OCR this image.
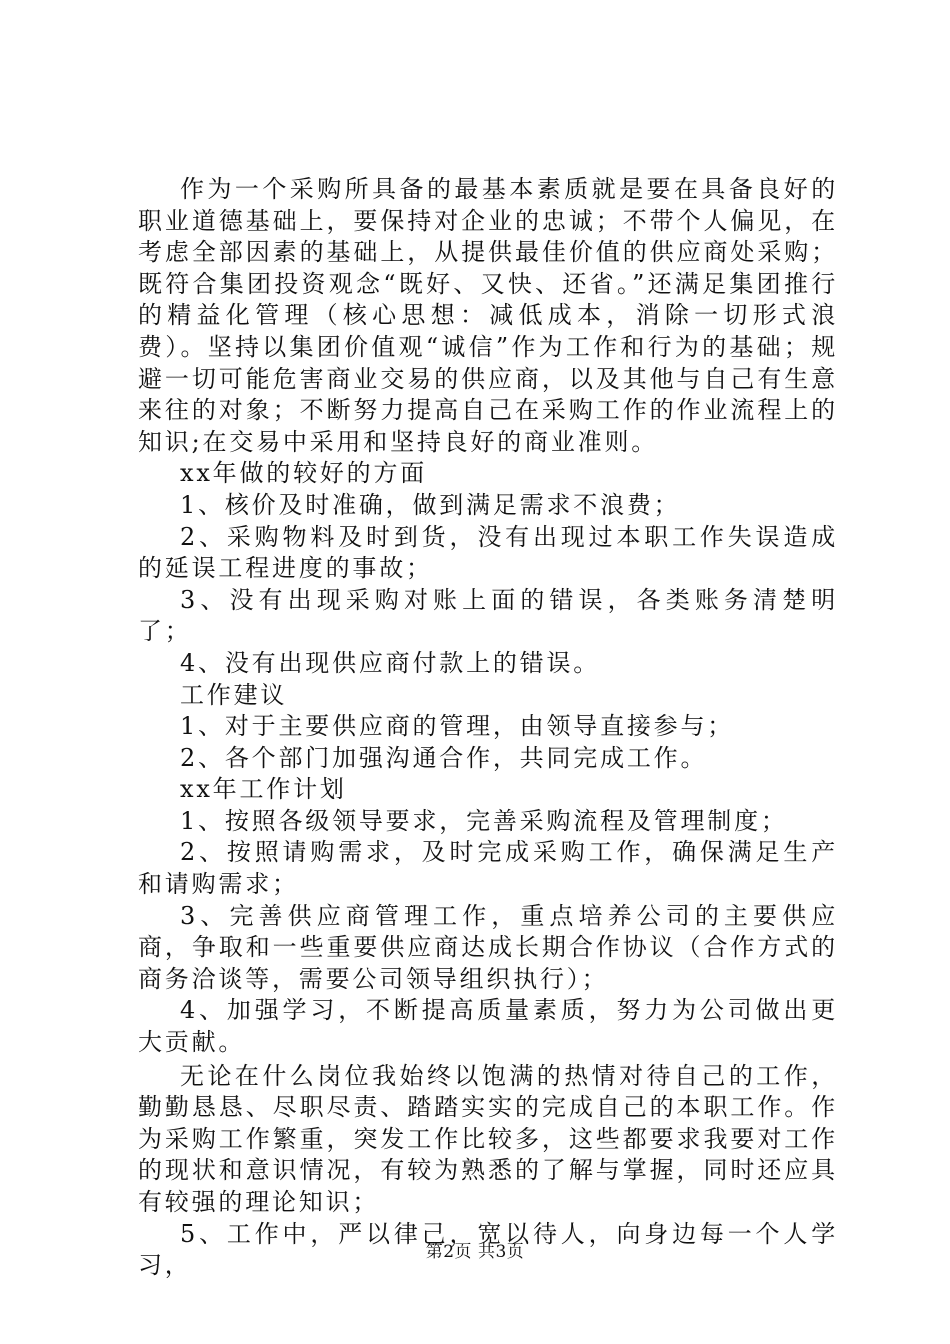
作为一个采购所具备的最基本素质就是要在具备良好的职业道德基础上，要保持对企业的忠诚；不带个人偏见，在考虑全部因素的基础上，从提供最佳价值的供应商处采购；既符合集团投资观念“既好、又快、还省。”还满足集团推行的精益化管理（核心思想：减低成本，消除一切形式浪费）。坚持以集团价值观“诚信”作为工作和行为的基础；规避一切可能危害商业交易的供应商，以及其他与自己有生意来往的对象；不断努力提高自己在采购工作的作业流程上的知识;在交易中采用和坚持良好的商业准则。

xx年做的较好的方面

1、核价及时准确，做到满足需求不浪费；

2、采购物料及时到货，没有出现过本职工作失误造成的延误工程进度的事故；

3、没有出现采购对账上面的错误，各类账务清楚明了；

4、没有出现供应商付款上的错误。

工作建议

1、对于主要供应商的管理，由领导直接参与；

2、各个部门加强沟通合作，共同完成工作。

xx年工作计划

1、按照各级领导要求，完善采购流程及管理制度；

2、按照请购需求，及时完成采购工作，确保满足生产和请购需求；

3、完善供应商管理工作，重点培养公司的主要供应商，争取和一些重要供应商达成长期合作协议（合作方式的商务洽谈等，需要公司领导组织执行）；

4、加强学习，不断提高质量素质，努力为公司做出更大贡献。

无论在什么岗位我始终以饱满的热情对待自己的工作，勤勤恳恳、尽职尽责、踏踏实实的完成自己的本职工作。作为采购工作繁重，突发工作比较多，这些都要求我要对工作的现状和意识情况，有较为熟悉的了解与掌握，同时还应具有较强的理论知识；

5、工作中，严以律己，宽以待人，向身边每一个人学习，	第2页 共3页
